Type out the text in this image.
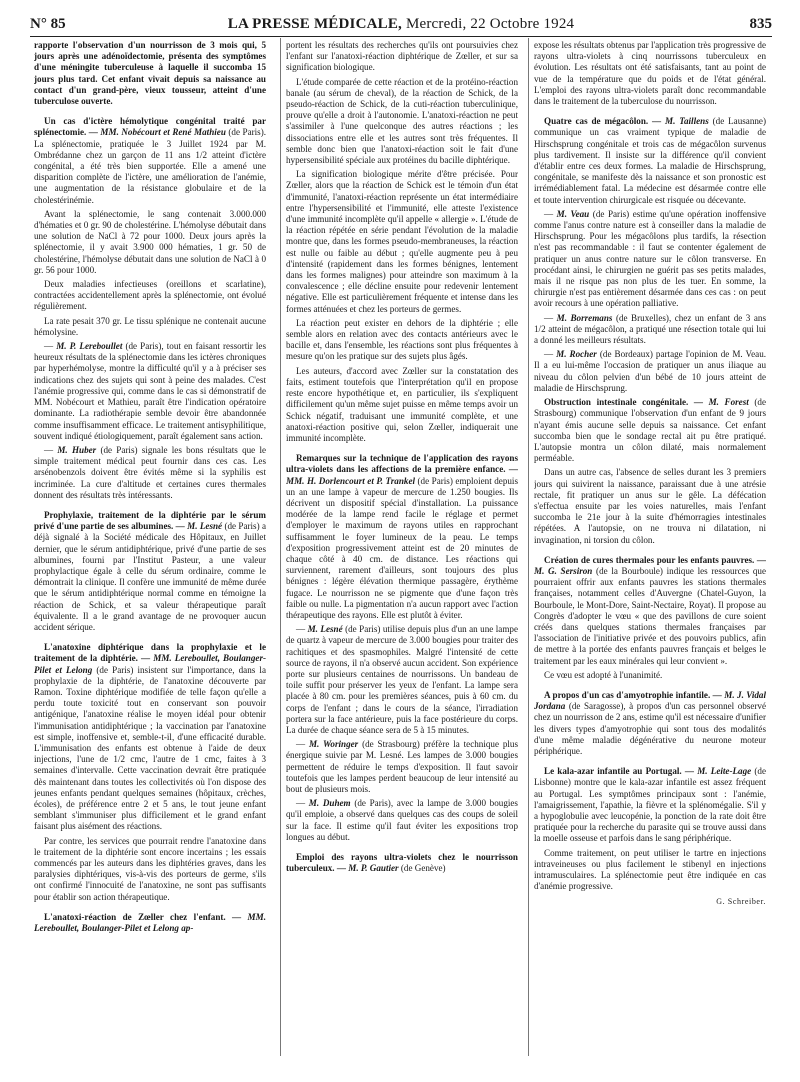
N° 85	LA PRESSE MÉDICALE, Mercredi, 22 Octobre 1924	835

rapporte l'observation d'un nourrisson de 3 mois qui, 5 jours après une adénoïdectomie, présenta des symptômes d'une méningite tuberculeuse à laquelle il succomba 15 jours plus tard. Cet enfant vivait depuis sa naissance au contact d'un grand-père, vieux tousseur, atteint d'une tuberculose ouverte.

Un cas d'ictère hémolytique congénital traité par splénectomie. — MM. Nobécourt et René Mathieu (de Paris). La splénectomie, pratiquée le 3 Juillet 1924 par M. Ombrédanne chez un garçon de 11 ans 1/2 atteint d'ictère congénital, a été très bien supportée. Elle a amené une disparition complète de l'ictère, une amélioration de l'anémie, une augmentation de la résistance globulaire et de la cholestérinémie.

Avant la splénectomie, le sang contenait 3.000.000 d'hématies et 0 gr. 90 de cholestérine. L'hémolyse débutait dans une solution de NaCl à 72 pour 1000. Deux jours après la splénectomie, il y avait 3.900 000 hématies, 1 gr. 50 de cholestérine, l'hémolyse débutait dans une solution de NaCl à 0 gr. 56 pour 1000.

Deux maladies infectieuses (oreillons et scarlatine), contractées accidentellement après la splénectomie, ont évolué régulièrement.

La rate pesait 370 gr. Le tissu splénique ne contenait aucune hémolysine.

— M. P. Lereboullet (de Paris), tout en faisant ressortir les heureux résultats de la splénectomie dans les ictères chroniques par hyperhémolyse, montre la difficulté qu'il y a à préciser ses indications chez des sujets qui sont à peine des malades. C'est l'anémie progressive qui, comme dans le cas si démonstratif de MM. Nobécourt et Mathieu, paraît être l'indication opératoire dominante. La radiothérapie semble devoir être abandonnée comme insuffisamment efficace. Le traitement antisyphilitique, souvent indiqué étiologiquement, paraît également sans action.

— M. Huber (de Paris) signale les bons résultats que le simple traitement médical peut fournir dans ces cas. Les arsénobenzols doivent être évités même si la syphilis est incriminée. La cure d'altitude et certaines cures thermales donnent des résultats très intéressants.

Prophylaxie, traitement de la diphtérie par le sérum privé d'une partie de ses albumines. — M. Lesné (de Paris) a déjà signalé à la Société médicale des Hôpitaux, en Juillet dernier, que le sérum antidiphtérique, privé d'une partie de ses albumines, fourni par l'Institut Pasteur, a une valeur prophylactique égale à celle du sérum ordinaire, comme le démontrait la clinique. Il confère une immunité de même durée que le sérum antidiphtérique normal comme en témoigne la réaction de Schick, et sa valeur thérapeutique paraît équivalente. Il a le grand avantage de ne provoquer aucun accident sérique.

L'anatoxine diphtérique dans la prophylaxie et le traitement de la diphtérie. — MM. Lereboullet, Boulanger-Pilet et Lelong (de Paris) insistent sur l'importance, dans la prophylaxie de la diphtérie, de l'anatoxine découverte par Ramon. Toxine diphtérique modifiée de telle façon qu'elle a perdu toute toxicité tout en conservant son pouvoir antigénique, l'anatoxine réalise le moyen idéal pour obtenir l'immunisation antidiphtérique ; la vaccination par l'anatoxine est simple, inoffensive et, semble-t-il, d'une efficacité durable. L'immunisation des enfants est obtenue à l'aide de deux injections, l'une de 1/2 cmc, l'autre de 1 cmc, faites à 3 semaines d'intervalle. Cette vaccination devrait être pratiquée dès maintenant dans toutes les collectivités où l'on dispose des jeunes enfants pendant quelques semaines (hôpitaux, crèches, écoles), de préférence entre 2 et 5 ans, le tout jeune enfant semblant s'immuniser plus difficilement et le grand enfant faisant plus aisément des réactions.

Par contre, les services que pourrait rendre l'anatoxine dans le traitement de la diphtérie sont encore incertains ; les essais commencés par les auteurs dans les diphtéries graves, dans les paralysies diphtériques, vis-à-vis des porteurs de germe, s'ils ont confirmé l'innocuité de l'anatoxine, ne sont pas suffisants pour établir son action thérapeutique.

L'anatoxi-réaction de Zœller chez l'enfant. — MM. Lereboullet, Boulanger-Pilet et Lelong ap-

portent les résultats des recherches qu'ils ont poursuivies chez l'enfant sur l'anatoxi-réaction diphtérique de Zœller, et sur sa signification biologique.

L'étude comparée de cette réaction et de la protéino-réaction banale (au sérum de cheval), de la réaction de Schick, de la pseudo-réaction de Schick, de la cuti-réaction tuberculinique, prouve qu'elle a droit à l'autonomie. L'anatoxi-réaction ne peut s'assimiler à l'une quelconque des autres réactions ; les dissociations entre elle et les autres sont très fréquentes. Il semble donc bien que l'anatoxi-réaction soit le fait d'une hypersensibilité spéciale aux protéines du bacille diphtérique.

La signification biologique mérite d'être précisée. Pour Zœller, alors que la réaction de Schick est le témoin d'un état d'immunité, l'anatoxi-réaction représente un état intermédiaire entre l'hypersensibilité et l'immunité, elle atteste l'existence d'une immunité incomplète qu'il appelle « allergie ». L'étude de la réaction répétée en série pendant l'évolution de la maladie montre que, dans les formes pseudo-membraneuses, la réaction est nulle ou faible au début ; qu'elle augmente peu à peu d'intensité (rapidement dans les formes bénignes, lentement dans les formes malignes) pour atteindre son maximum à la convalescence ; elle décline ensuite pour redevenir lentement négative. Elle est particulièrement fréquente et intense dans les formes atténuées et chez les porteurs de germes.

La réaction peut exister en dehors de la diphtérie ; elle semble alors en relation avec des contacts antérieurs avec le bacille et, dans l'ensemble, les réactions sont plus fréquentes à mesure qu'on les pratique sur des sujets plus âgés.

Les auteurs, d'accord avec Zœller sur la constatation des faits, estiment toutefois que l'interprétation qu'il en propose reste encore hypothétique et, en particulier, ils s'expliquent difficilement qu'un même sujet puisse en même temps avoir un Schick négatif, traduisant une immunité complète, et une anatoxi-réaction positive qui, selon Zœller, indiquerait une immunité incomplète.

Remarques sur la technique de l'application des rayons ultra-violets dans les affections de la première enfance. — MM. H. Dorlencourt et P. Trankel (de Paris) emploient depuis un an une lampe à vapeur de mercure de 1.250 bougies. Ils décrivent un dispositif spécial d'installation. La puissance modérée de la lampe rend facile le réglage et permet d'employer le maximum de rayons utiles en rapprochant suffisamment le foyer lumineux de la peau. Le temps d'exposition progressivement atteint est de 20 minutes de chaque côté à 40 cm. de distance. Les réactions qui surviennent, rarement d'ailleurs, sont toujours des plus bénignes : légère élévation thermique passagère, érythème fugace. Le nourrisson ne se pigmente que d'une façon très faible ou nulle. La pigmentation n'a aucun rapport avec l'action thérapeutique des rayons. Elle est plutôt à éviter.

— M. Lesné (de Paris) utilise depuis plus d'un an une lampe de quartz à vapeur de mercure de 3.000 bougies pour traiter des rachitiques et des spasmophiles. Malgré l'intensité de cette source de rayons, il n'a observé aucun accident. Son expérience porte sur plusieurs centaines de nourrissons. Un bandeau de toile suffit pour préserver les yeux de l'enfant. La lampe sera placée à 80 cm. pour les premières séances, puis à 60 cm. du corps de l'enfant ; dans le cours de la séance, l'irradiation portera sur la face antérieure, puis la face postérieure du corps. La durée de chaque séance sera de 5 à 15 minutes.

— M. Woringer (de Strasbourg) préfère la technique plus énergique suivie par M. Lesné. Les lampes de 3.000 bougies permettent de réduire le temps d'exposition. Il faut savoir toutefois que les lampes perdent beaucoup de leur intensité au bout de plusieurs mois.

— M. Duhem (de Paris), avec la lampe de 3.000 bougies qu'il emploie, a observé dans quelques cas des coups de soleil sur la face. Il estime qu'il faut éviter les expositions trop longues au début.

Emploi des rayons ultra-violets chez le nourrisson tuberculeux. — M. P. Gautier (de Genève)

expose les résultats obtenus par l'application très progressive de rayons ultra-violets à cinq nourrissons tuberculeux en évolution. Les résultats ont été satisfaisants, tant au point de vue de la température que du poids et de l'état général. L'emploi des rayons ultra-violets paraît donc recommandable dans le traitement de la tuberculose du nourrisson.

Quatre cas de mégacôlon. — M. Taillens (de Lausanne) communique un cas vraiment typique de maladie de Hirschsprung congénitale et trois cas de mégacôlon survenus plus tardivement. Il insiste sur la différence qu'il convient d'établir entre ces deux formes. La maladie de Hirschsprung, congénitale, se manifeste dès la naissance et son pronostic est irrémédiablement fatal. La médecine est désarmée contre elle et toute intervention chirurgicale est risquée ou décevante.

— M. Veau (de Paris) estime qu'une opération inoffensive comme l'anus contre nature est à conseiller dans la maladie de Hirschsprung. Pour les mégacôlons plus tardifs, la résection n'est pas recommandable : il faut se contenter également de pratiquer un anus contre nature sur le côlon transverse. En procédant ainsi, le chirurgien ne guérit pas ses petits malades, mais il ne risque pas non plus de les tuer. En somme, la chirurgie n'est pas entièrement désarmée dans ces cas : on peut avoir recours à une opération palliative.

— M. Borremans (de Bruxelles), chez un enfant de 3 ans 1/2 atteint de mégacôlon, a pratiqué une résection totale qui lui a donné les meilleurs résultats.

— M. Rocher (de Bordeaux) partage l'opinion de M. Veau. Il a eu lui-même l'occasion de pratiquer un anus iliaque au niveau du côlon pelvien d'un bébé de 10 jours atteint de maladie de Hirschsprung.

Obstruction intestinale congénitale. — M. Forest (de Strasbourg) communique l'observation d'un enfant de 9 jours n'ayant émis aucune selle depuis sa naissance. Cet enfant succomba bien que le sondage rectal ait pu être pratiqué. L'autopsie montra un côlon dilaté, mais normalement perméable.

Dans un autre cas, l'absence de selles durant les 3 premiers jours qui suivirent la naissance, paraissant due à une atrésie rectale, fit pratiquer un anus sur le gêle. La défécation s'effectua ensuite par les voies naturelles, mais l'enfant succomba le 21e jour à la suite d'hémorragies intestinales répétées. A l'autopsie, on ne trouva ni dilatation, ni invagination, ni torsion du côlon.

Création de cures thermales pour les enfants pauvres. — M. G. Sersiron (de la Bourboule) indique les ressources que pourraient offrir aux enfants pauvres les stations thermales françaises, notamment celles d'Auvergne (Chatel-Guyon, la Bourboule, le Mont-Dore, Saint-Nectaire, Royat). Il propose au Congrès d'adopter le vœu « que des pavillons de cure soient créés dans quelques stations thermales françaises par l'association de l'initiative privée et des pouvoirs publics, afin de mettre à la portée des enfants pauvres français et belges le traitement par les eaux minérales qui leur convient ».

Ce vœu est adopté à l'unanimité.

A propos d'un cas d'amyotrophie infantile. — M. J. Vidal Jordana (de Saragosse), à propos d'un cas personnel observé chez un nourrisson de 2 ans, estime qu'il est nécessaire d'unifier les divers types d'amyotrophie qui sont tous des modalités d'une même maladie dégénérative du neurone moteur périphérique.

Le kala-azar infantile au Portugal. — M. Leite-Lage (de Lisbonne) montre que le kala-azar infantile est assez fréquent au Portugal. Les symptômes principaux sont : l'anémie, l'amaigrissement, l'apathie, la fièvre et la splénomégalie. S'il y a hypoglobulie avec leucopénie, la ponction de la rate doit être pratiquée pour la recherche du parasite qui se trouve aussi dans la moelle osseuse et parfois dans le sang périphérique.

Comme traitement, on peut utiliser le tartre en injections intraveineuses ou plus facilement le stibenyl en injections intramusculaires. La splénectomie peut être indiquée en cas d'anémie progressive.

G. Schreiber.
